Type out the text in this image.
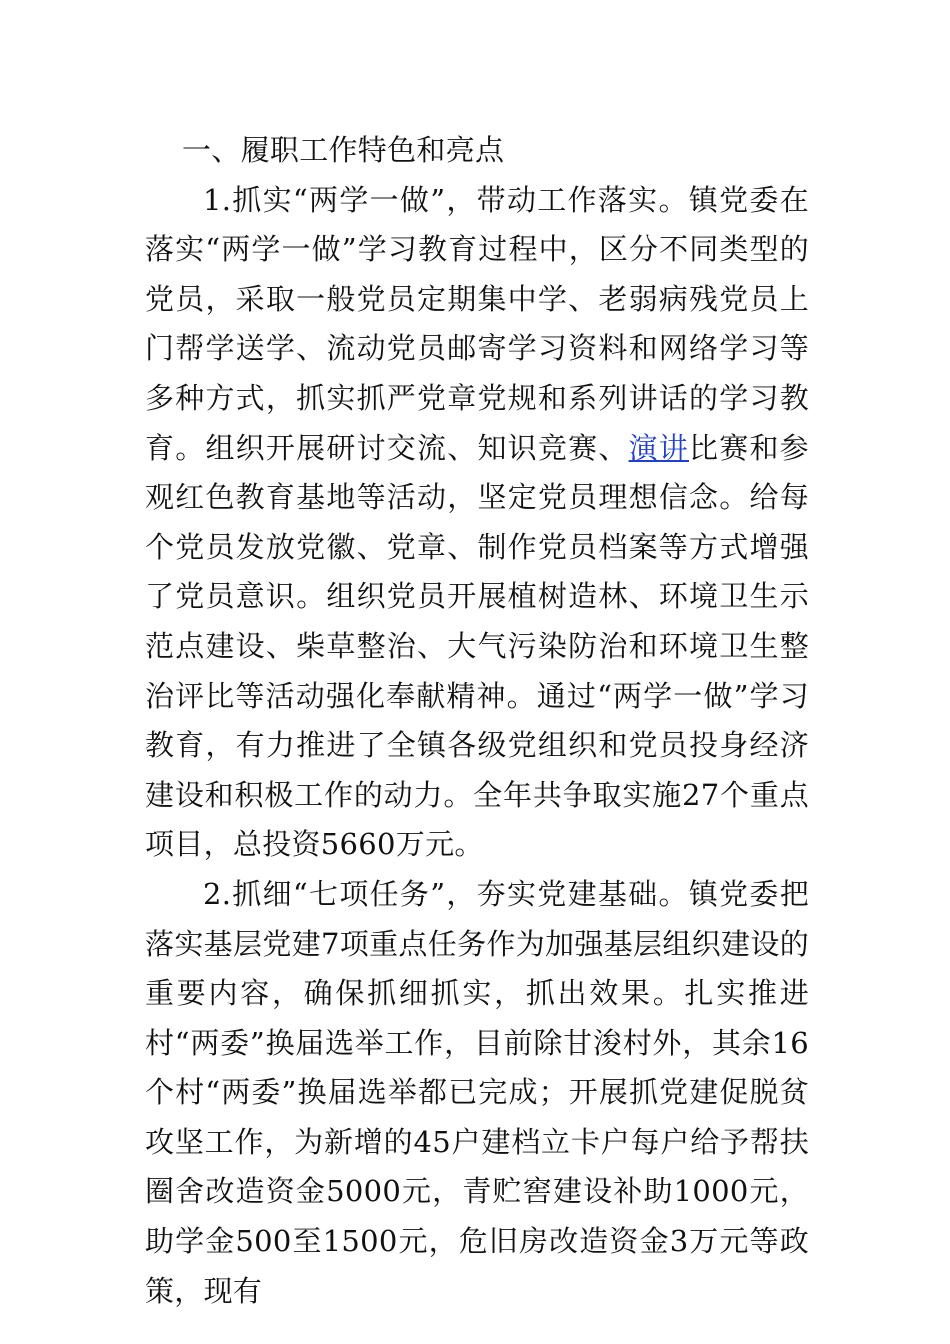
一、履职工作特色和亮点

1.抓实“两学一做”，带动工作落实。镇党委在落实“两学一做”学习教育过程中，区分不同类型的党员，采取一般党员定期集中学、老弱病残党员上门帮学送学、流动党员邮寄学习资料和网络学习等多种方式，抓实抓严党章党规和系列讲话的学习教育。组织开展研讨交流、知识竞赛、演讲比赛和参观红色教育基地等活动，坚定党员理想信念。给每个党员发放党徽、党章、制作党员档案等方式增强了党员意识。组织党员开展植树造林、环境卫生示范点建设、柴草整治、大气污染防治和环境卫生整治评比等活动强化奉献精神。通过“两学一做”学习教育，有力推进了全镇各级党组织和党员投身经济建设和积极工作的动力。全年共争取实施27个重点项目，总投资5660万元。

2.抓细“七项任务”，夯实党建基础。镇党委把落实基层党建7项重点任务作为加强基层组织建设的重要内容，确保抓细抓实，抓出效果。扎实推进村“两委”换届选举工作，目前除甘浚村外，其余16个村“两委”换届选举都已完成；开展抓党建促脱贫攻坚工作，为新增的45户建档立卡户每户给予帮扶圈舍改造资金5000元，青贮窖建设补助1000元，助学金500至1500元，危旧房改造资金3万元等政策，现有
